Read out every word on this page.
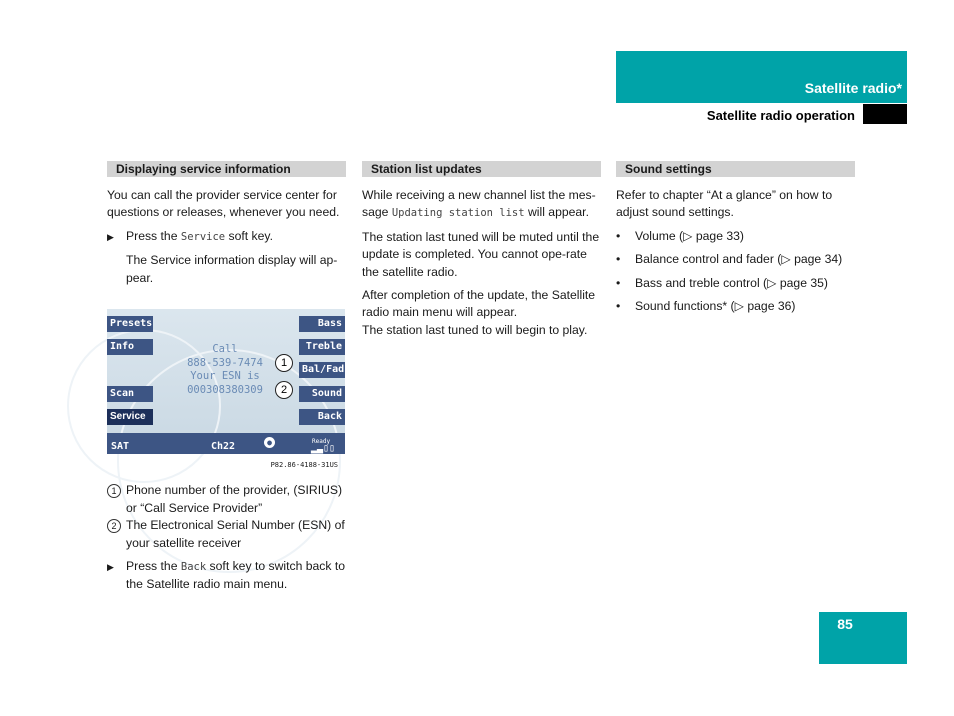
Satellite radio*
Satellite radio operation
Displaying service information

You can call the provider service center for questions or releases, whenever you need.

▶ Press the Service soft key.

The Service information display will ap-pear.

Presets
Info
Scan
Service
Bass
Treble
Bal/Fad
Sound
Back
Call
888-539-7474
Your ESN is
000308380309
1
2
SAT	Ch22	●	Ready
▂▃▯▯
P82.86-4188-31US
1 Phone number of the provider, (SIRIUS) or “Call Service Provider”
2 The Electronical Serial Number (ESN) of your satellite receiver
▶ Press the Back soft key to switch back to the Satellite radio main menu.
Station list updates

While receiving a new channel list the mes-sage Updating station list will appear.

The station last tuned will be muted until the update is completed. You cannot ope-rate the satellite radio.

After completion of the update, the Satellite radio main menu will appear.

The station last tuned to will begin to play.

Sound settings

Refer to chapter “At a glance” on how to adjust sound settings.

• Volume (▷ page 33)
• Balance control and fader (▷ page 34)
• Bass and treble control (▷ page 35)
• Sound functions* (▷ page 36)
85
